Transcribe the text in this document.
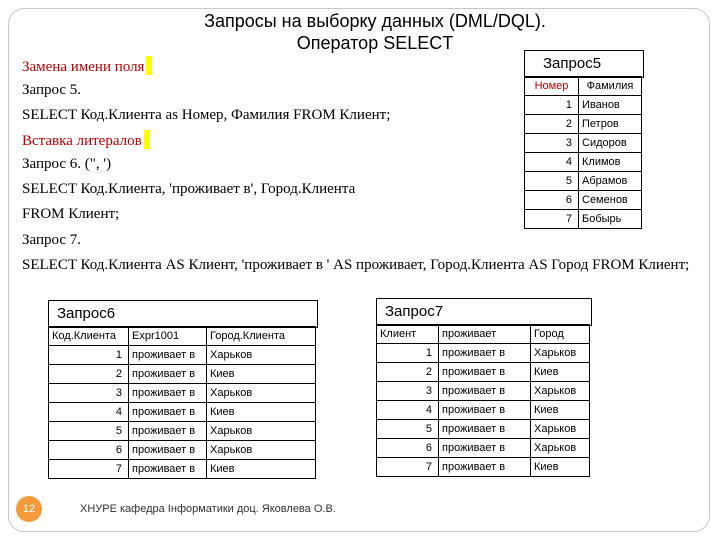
Запросы на выборку данных (DML/DQL).
Оператор SELECT
Замена имени поля
Запрос 5.
SELECT Код.Клиента as Номер, Фамилия FROM Клиент;
Вставка литералов
Запрос 6. (", ')
SELECT Код.Клиента, 'проживает в', Город.Клиента
FROM Клиент;
Запрос 7.
SELECT Код.Клиента AS Клиент, 'проживает в ' AS проживает, Город.Клиента AS Город FROM Клиент;
Запрос5
Номер	Фамилия
1	Иванов
2	Петров
3	Сидоров
4	Климов
5	Абрамов
6	Семенов
7	Бобырь
Запрос6
Код.Клиента	Expr1001	Город.Клиента
1	проживает в	Харьков
2	проживает в	Киев
3	проживает в	Харьков
4	проживает в	Киев
5	проживает в	Харьков
6	проживает в	Харьков
7	проживает в	Киев
Запрос7
Клиент	проживает	Город
1	проживает в	Харьков
2	проживает в	Киев
3	проживает в	Харьков
4	проживает в	Киев
5	проживает в	Харьков
6	проживает в	Харьков
7	проживает в	Киев
12	ХНУРЕ кафедра Інформатики доц. Яковлева О.В.
